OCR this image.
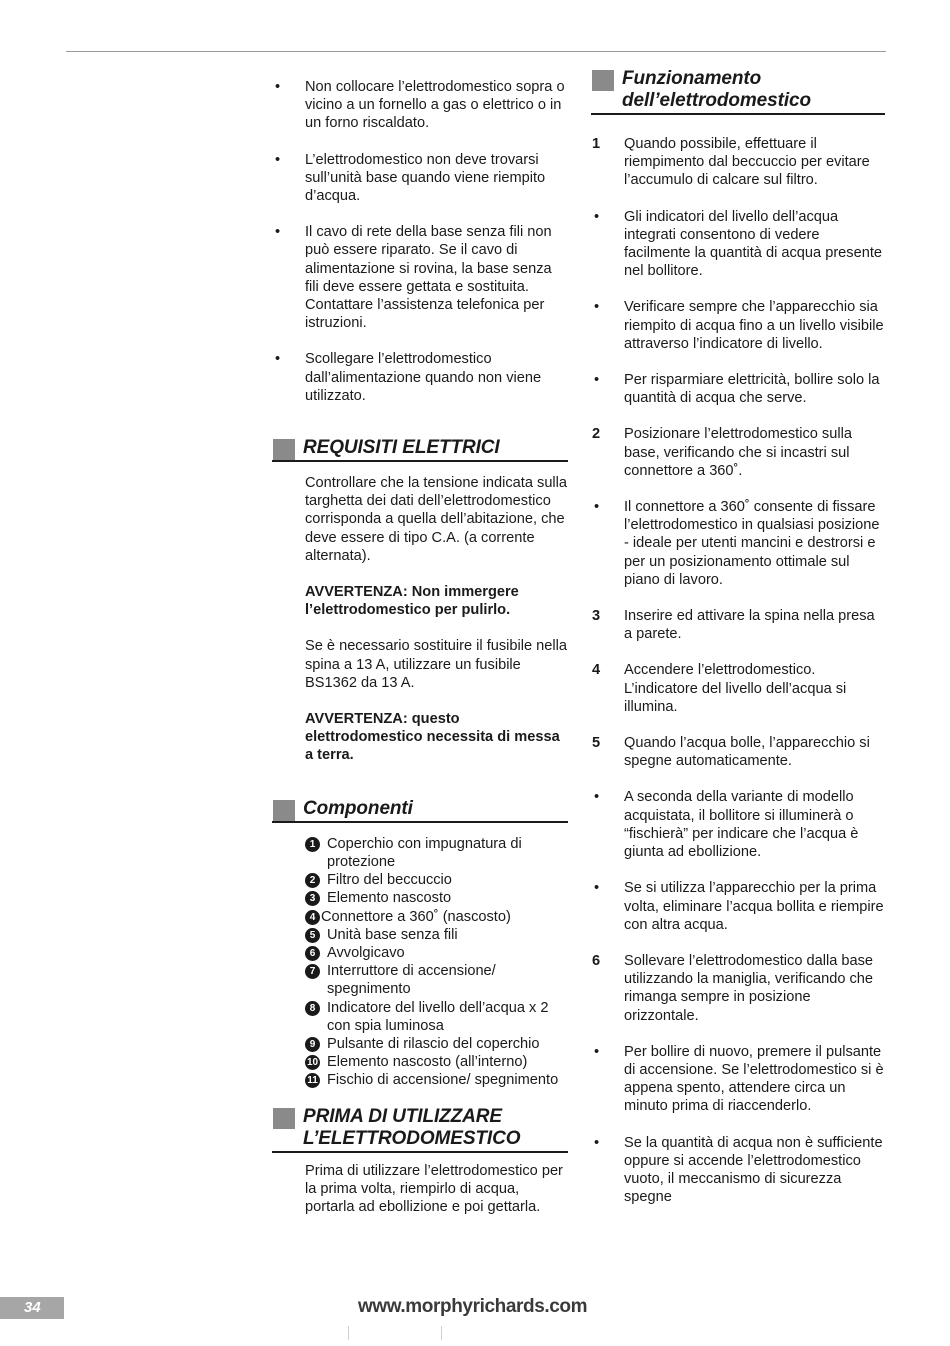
•	Non collocare l’elettrodomestico sopra o vicino a un fornello a gas o elettrico o in un forno riscaldato.
•	L’elettrodomestico non deve trovarsi sull’unità base quando viene riempito d’acqua.
•	Il cavo di rete della base senza fili non può essere riparato. Se il cavo di alimentazione si rovina, la base senza fili deve essere gettata e sostituita. Contattare l’assistenza telefonica per istruzioni.
•	Scollegare l’elettrodomestico dall’alimentazione quando non viene utilizzato.
REQUISITI ELETTRICI
Controllare che la tensione indicata sulla targhetta dei dati dell’elettrodomestico corrisponda a quella dell’abitazione, che deve essere di tipo C.A. (a corrente alternata).
AVVERTENZA: Non immergere l’elettrodomestico per pulirlo.
Se è necessario sostituire il fusibile nella spina a 13 A, utilizzare un fusibile BS1362 da 13 A.
AVVERTENZA: questo elettrodomestico necessita di messa a terra.
Componenti
1 Coperchio con impugnatura di protezione
2 Filtro del beccuccio
3 Elemento nascosto
4 Connettore a 360˚ (nascosto)
5 Unità base senza fili
6 Avvolgicavo
7 Interruttore di accensione/ spegnimento
8 Indicatore del livello dell’acqua x 2 con spia luminosa
9 Pulsante di rilascio del coperchio
10 Elemento nascosto (all’interno)
11 Fischio di accensione/ spegnimento
PRIMA DI UTILIZZARE
L’ELETTRODOMESTICO
Prima di utilizzare l’elettrodomestico per la prima volta, riempirlo di acqua, portarla ad ebollizione e poi gettarla.
Funzionamento
dell’elettrodomestico
1	Quando possibile, effettuare il riempimento dal beccuccio per evitare l’accumulo di calcare sul filtro.
•	Gli indicatori del livello dell’acqua integrati consentono di vedere facilmente la quantità di acqua presente nel bollitore.
•	Verificare sempre che l’apparecchio sia riempito di acqua fino a un livello visibile attraverso l’indicatore di livello.
•	Per risparmiare elettricità, bollire solo la quantità di acqua che serve.
2	Posizionare l’elettrodomestico sulla base, verificando che si incastri sul connettore a 360˚.
•	Il connettore a 360˚ consente di fissare l’elettrodomestico in qualsiasi posizione - ideale per utenti mancini e destrorsi e per un posizionamento ottimale sul piano di lavoro.
3	Inserire ed attivare la spina nella presa a parete.
4	Accendere l’elettrodomestico. L’indicatore del livello dell’acqua si illumina.
5	Quando l’acqua bolle, l’apparecchio si spegne automaticamente.
•	A seconda della variante di modello acquistata, il bollitore si illuminerà o “fischierà” per indicare che l’acqua è giunta ad ebollizione.
•	Se si utilizza l’apparecchio per la prima volta, eliminare l’acqua bollita e riempire con altra acqua.
6	Sollevare l’elettrodomestico dalla base utilizzando la maniglia, verificando che rimanga sempre in posizione orizzontale.
•	Per bollire di nuovo, premere il pulsante di accensione. Se l’elettrodomestico si è appena spento, attendere circa un minuto prima di riaccenderlo.
•	Se la quantità di acqua non è sufficiente oppure si accende l’elettrodomestico vuoto, il meccanismo di sicurezza spegne
34	www.morphyrichards.com
